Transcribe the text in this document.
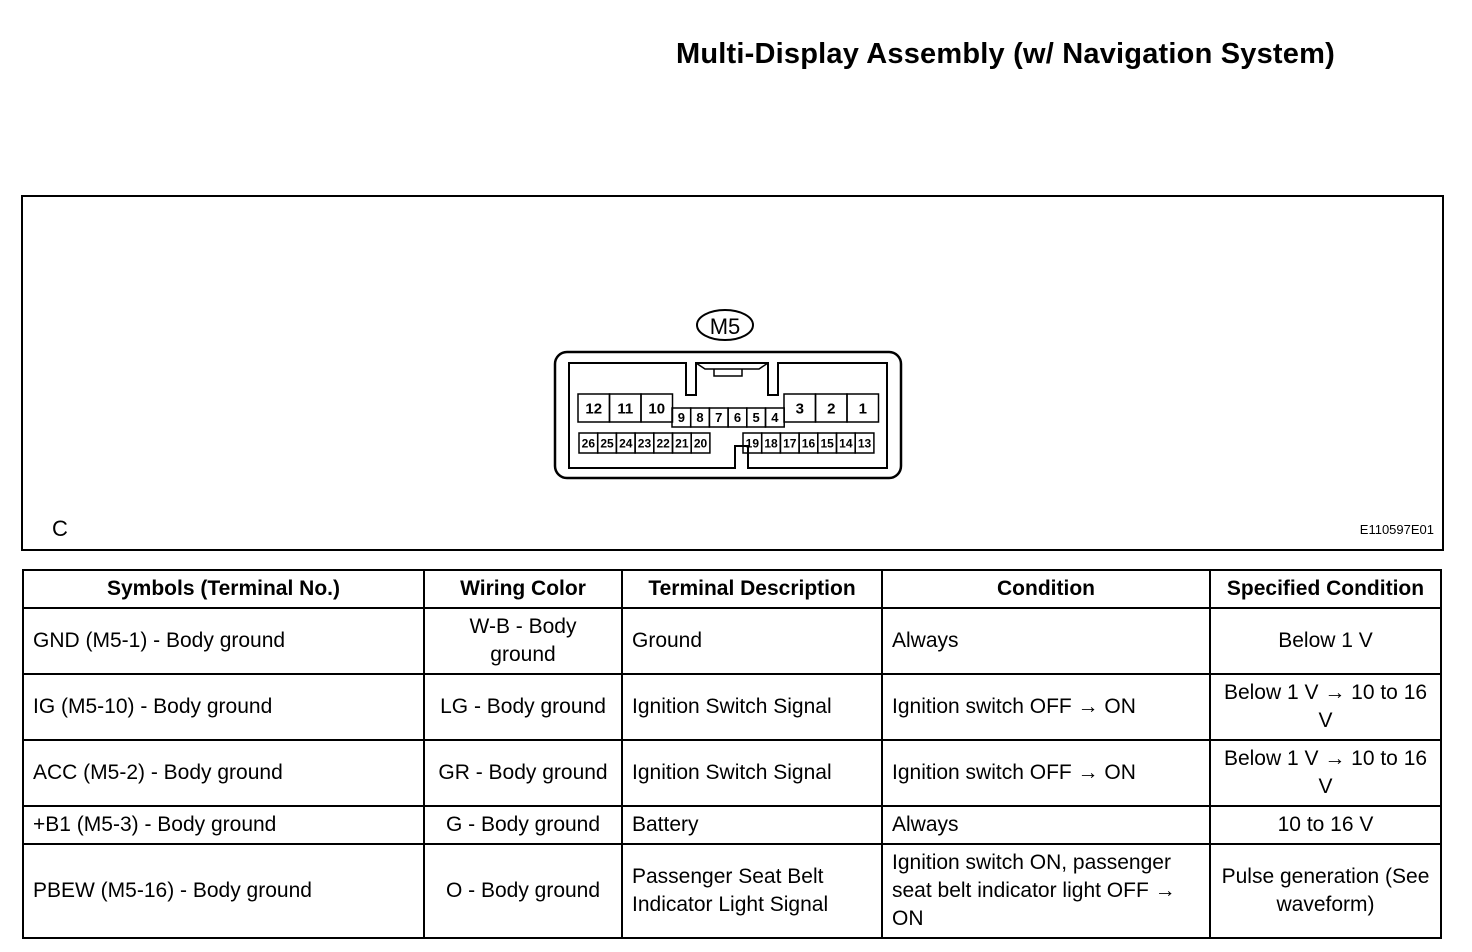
Multi-Display Assembly (w/ Navigation System)
M5
12 11 10
9 8 7 6 5 4
3 2 1
26 25 24 23 22 21 20	19 18 17 16 15 14 13
C	E110597E01
Symbols (Terminal No.)	Wiring Color	Terminal Description	Condition	Specified Condition
GND (M5-1) - Body ground	W-B - Body ground	Ground	Always	Below 1 V
IG (M5-10) - Body ground	LG - Body ground	Ignition Switch Signal	Ignition switch OFF → ON	Below 1 V → 10 to 16 V
ACC (M5-2) - Body ground	GR - Body ground	Ignition Switch Signal	Ignition switch OFF → ON	Below 1 V → 10 to 16 V
+B1 (M5-3) - Body ground	G - Body ground	Battery	Always	10 to 16 V
PBEW (M5-16) - Body ground	O - Body ground	Passenger Seat Belt Indicator Light Signal	Ignition switch ON, passenger seat belt indicator light OFF → ON	Pulse generation (See waveform)
